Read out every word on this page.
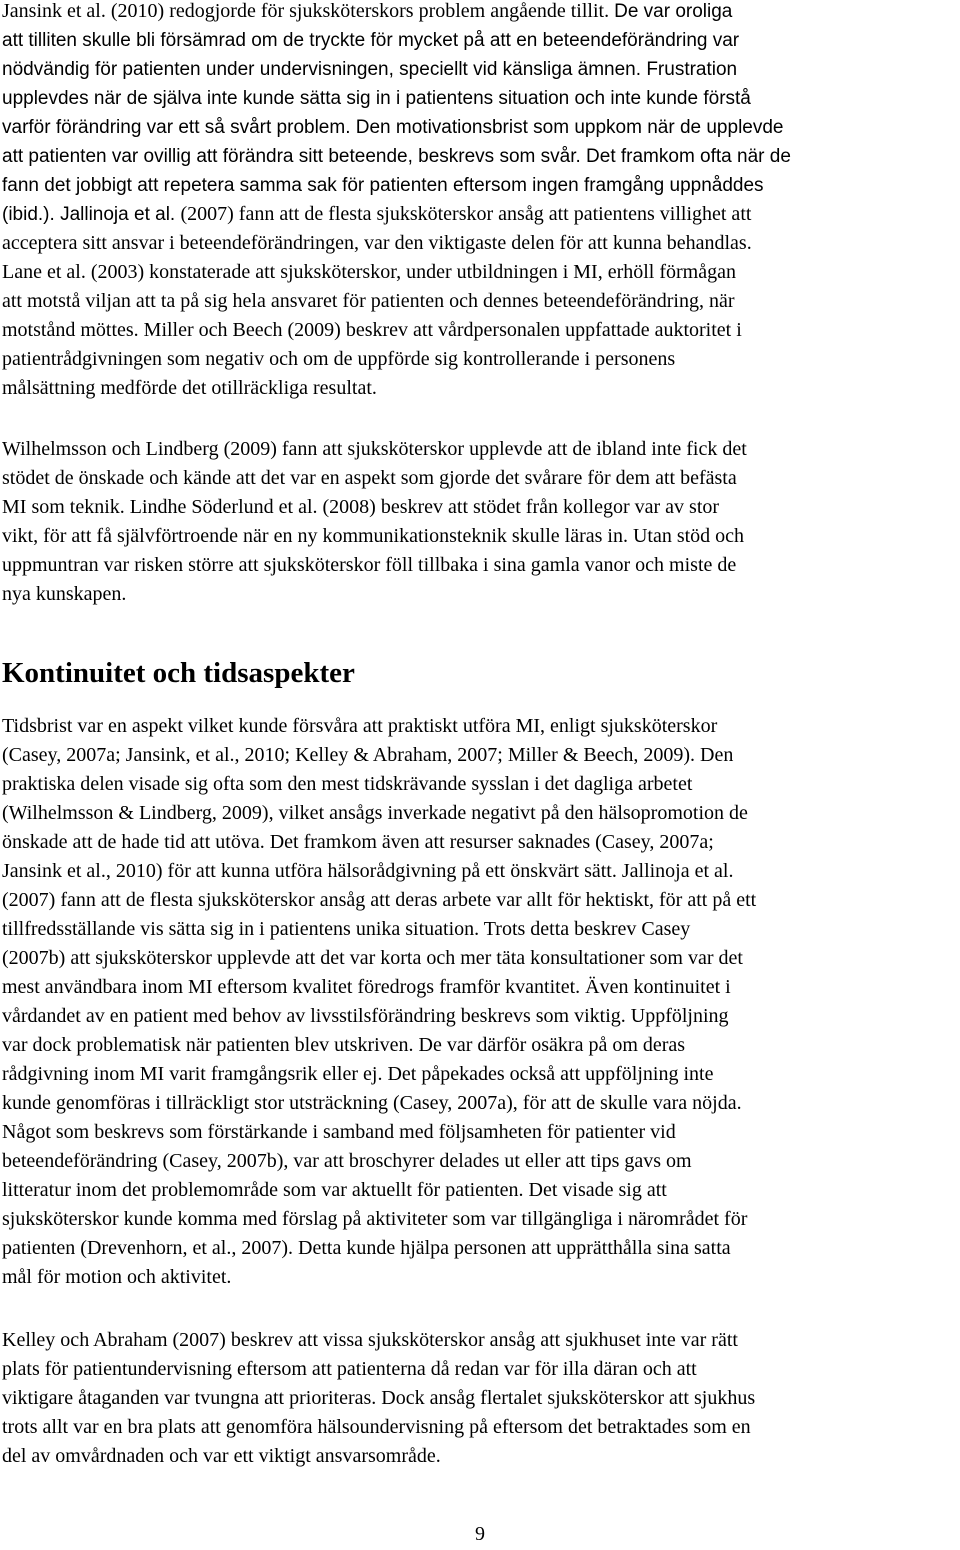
Jansink et al. (2010) redogjorde för sjuksköterskors problem angående tillit. De var oroliga
att tilliten skulle bli försämrad om de tryckte för mycket på att en beteendeförändring var
nödvändig för patienten under undervisningen, speciellt vid känsliga ämnen. Frustration
upplevdes när de själva inte kunde sätta sig in i patientens situation och inte kunde förstå
varför förändring var ett så svårt problem. Den motivationsbrist som uppkom när de upplevde
att patienten var ovillig att förändra sitt beteende, beskrevs som svår. Det framkom ofta när de
fann det jobbigt att repetera samma sak för patienten eftersom ingen framgång uppnåddes
(ibid.). Jallinoja et al. (2007) fann att de flesta sjuksköterskor ansåg att patientens villighet att
acceptera sitt ansvar i beteendeförändringen, var den viktigaste delen för att kunna behandlas.
Lane et al. (2003) konstaterade att sjuksköterskor, under utbildningen i MI, erhöll förmågan
att motstå viljan att ta på sig hela ansvaret för patienten och dennes beteendeförändring, när
motstånd möttes. Miller och Beech (2009) beskrev att vårdpersonalen uppfattade auktoritet i
patientrådgivningen som negativ och om de uppförde sig kontrollerande i personens
målsättning medförde det otillräckliga resultat.
Wilhelmsson och Lindberg (2009) fann att sjuksköterskor upplevde att de ibland inte fick det
stödet de önskade och kände att det var en aspekt som gjorde det svårare för dem att befästa
MI som teknik. Lindhe Söderlund et al. (2008) beskrev att stödet från kollegor var av stor
vikt, för att få självförtroende när en ny kommunikationsteknik skulle läras in. Utan stöd och
uppmuntran var risken större att sjuksköterskor föll tillbaka i sina gamla vanor och miste de
nya kunskapen.
Kontinuitet och tidsaspekter
Tidsbrist var en aspekt vilket kunde försvåra att praktiskt utföra MI, enligt sjuksköterskor
(Casey, 2007a; Jansink, et al., 2010; Kelley & Abraham, 2007; Miller & Beech, 2009). Den
praktiska delen visade sig ofta som den mest tidskrävande sysslan i det dagliga arbetet
(Wilhelmsson & Lindberg, 2009), vilket ansågs inverkade negativt på den hälsopromotion de
önskade att de hade tid att utöva. Det framkom även att resurser saknades (Casey, 2007a;
Jansink et al., 2010) för att kunna utföra hälsorådgivning på ett önskvärt sätt. Jallinoja et al.
(2007) fann att de flesta sjuksköterskor ansåg att deras arbete var allt för hektiskt, för att på ett
tillfredsställande vis sätta sig in i patientens unika situation. Trots detta beskrev Casey
(2007b) att sjuksköterskor upplevde att det var korta och mer täta konsultationer som var det
mest användbara inom MI eftersom kvalitet föredrogs framför kvantitet. Även kontinuitet i
vårdandet av en patient med behov av livsstilsförändring beskrevs som viktig. Uppföljning
var dock problematisk när patienten blev utskriven. De var därför osäkra på om deras
rådgivning inom MI varit framgångsrik eller ej. Det påpekades också att uppföljning inte
kunde genomföras i tillräckligt stor utsträckning (Casey, 2007a), för att de skulle vara nöjda.
Något som beskrevs som förstärkande i samband med följsamheten för patienter vid
beteendeförändring (Casey, 2007b), var att broschyrer delades ut eller att tips gavs om
litteratur inom det problemområde som var aktuellt för patienten. Det visade sig att
sjuksköterskor kunde komma med förslag på aktiviteter som var tillgängliga i närområdet för
patienten (Drevenhorn, et al., 2007). Detta kunde hjälpa personen att upprätthålla sina satta
mål för motion och aktivitet.
Kelley och Abraham (2007) beskrev att vissa sjuksköterskor ansåg att sjukhuset inte var rätt
plats för patientundervisning eftersom att patienterna då redan var för illa däran och att
viktigare åtaganden var tvungna att prioriteras. Dock ansåg flertalet sjuksköterskor att sjukhus
trots allt var en bra plats att genomföra hälsoundervisning på eftersom det betraktades som en
del av omvårdnaden och var ett viktigt ansvarsområde.
9
